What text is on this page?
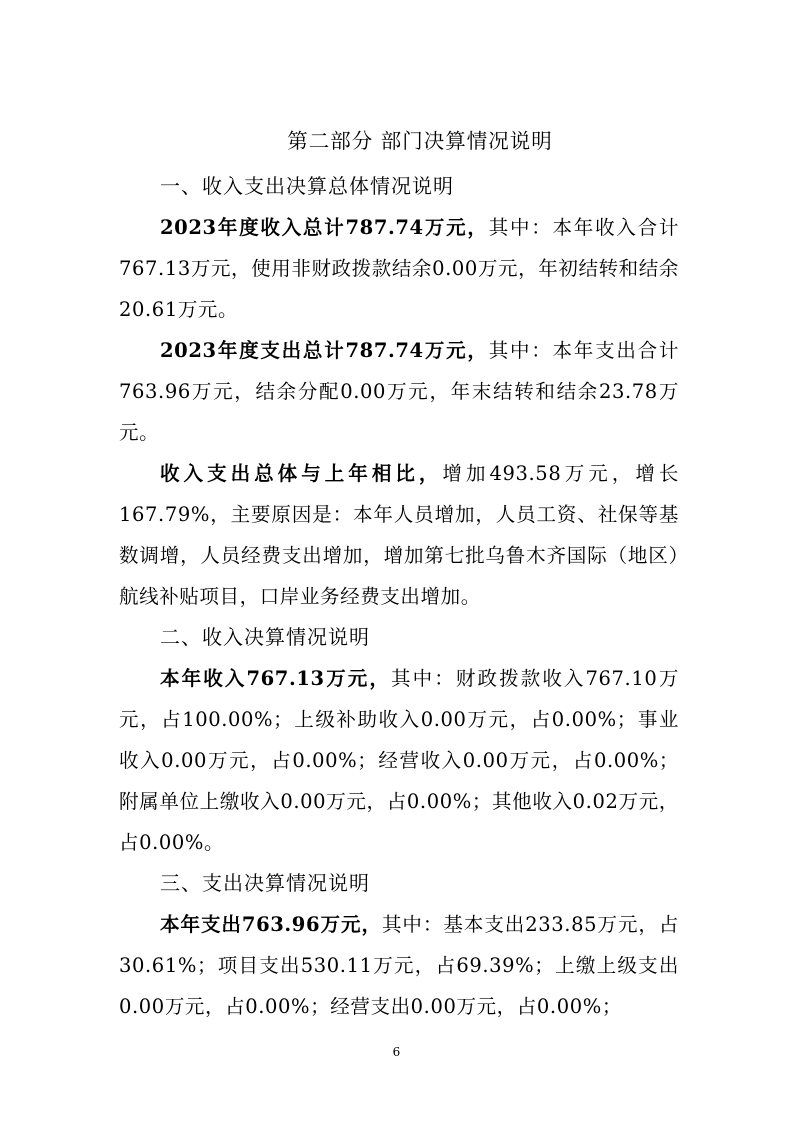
第二部分 部门决算情况说明

一、收入支出决算总体情况说明

2023年度收入总计787.74万元，其中：本年收入合计767.13万元，使用非财政拨款结余0.00万元，年初结转和结余20.61万元。

2023年度支出总计787.74万元，其中：本年支出合计763.96万元，结余分配0.00万元，年末结转和结余23.78万元。

收入支出总体与上年相比，增加493.58万元，增长167.79%，主要原因是：本年人员增加，人员工资、社保等基数调增，人员经费支出增加，增加第七批乌鲁木齐国际（地区）航线补贴项目，口岸业务经费支出增加。

二、收入决算情况说明

本年收入767.13万元，其中：财政拨款收入767.10万元，占100.00%；上级补助收入0.00万元，占0.00%；事业收入0.00万元，占0.00%；经营收入0.00万元，占0.00%；附属单位上缴收入0.00万元，占0.00%；其他收入0.02万元，占0.00%。

三、支出决算情况说明

本年支出763.96万元，其中：基本支出233.85万元，占30.61%；项目支出530.11万元，占69.39%；上缴上级支出0.00万元，占0.00%；经营支出0.00万元，占0.00%；

6
